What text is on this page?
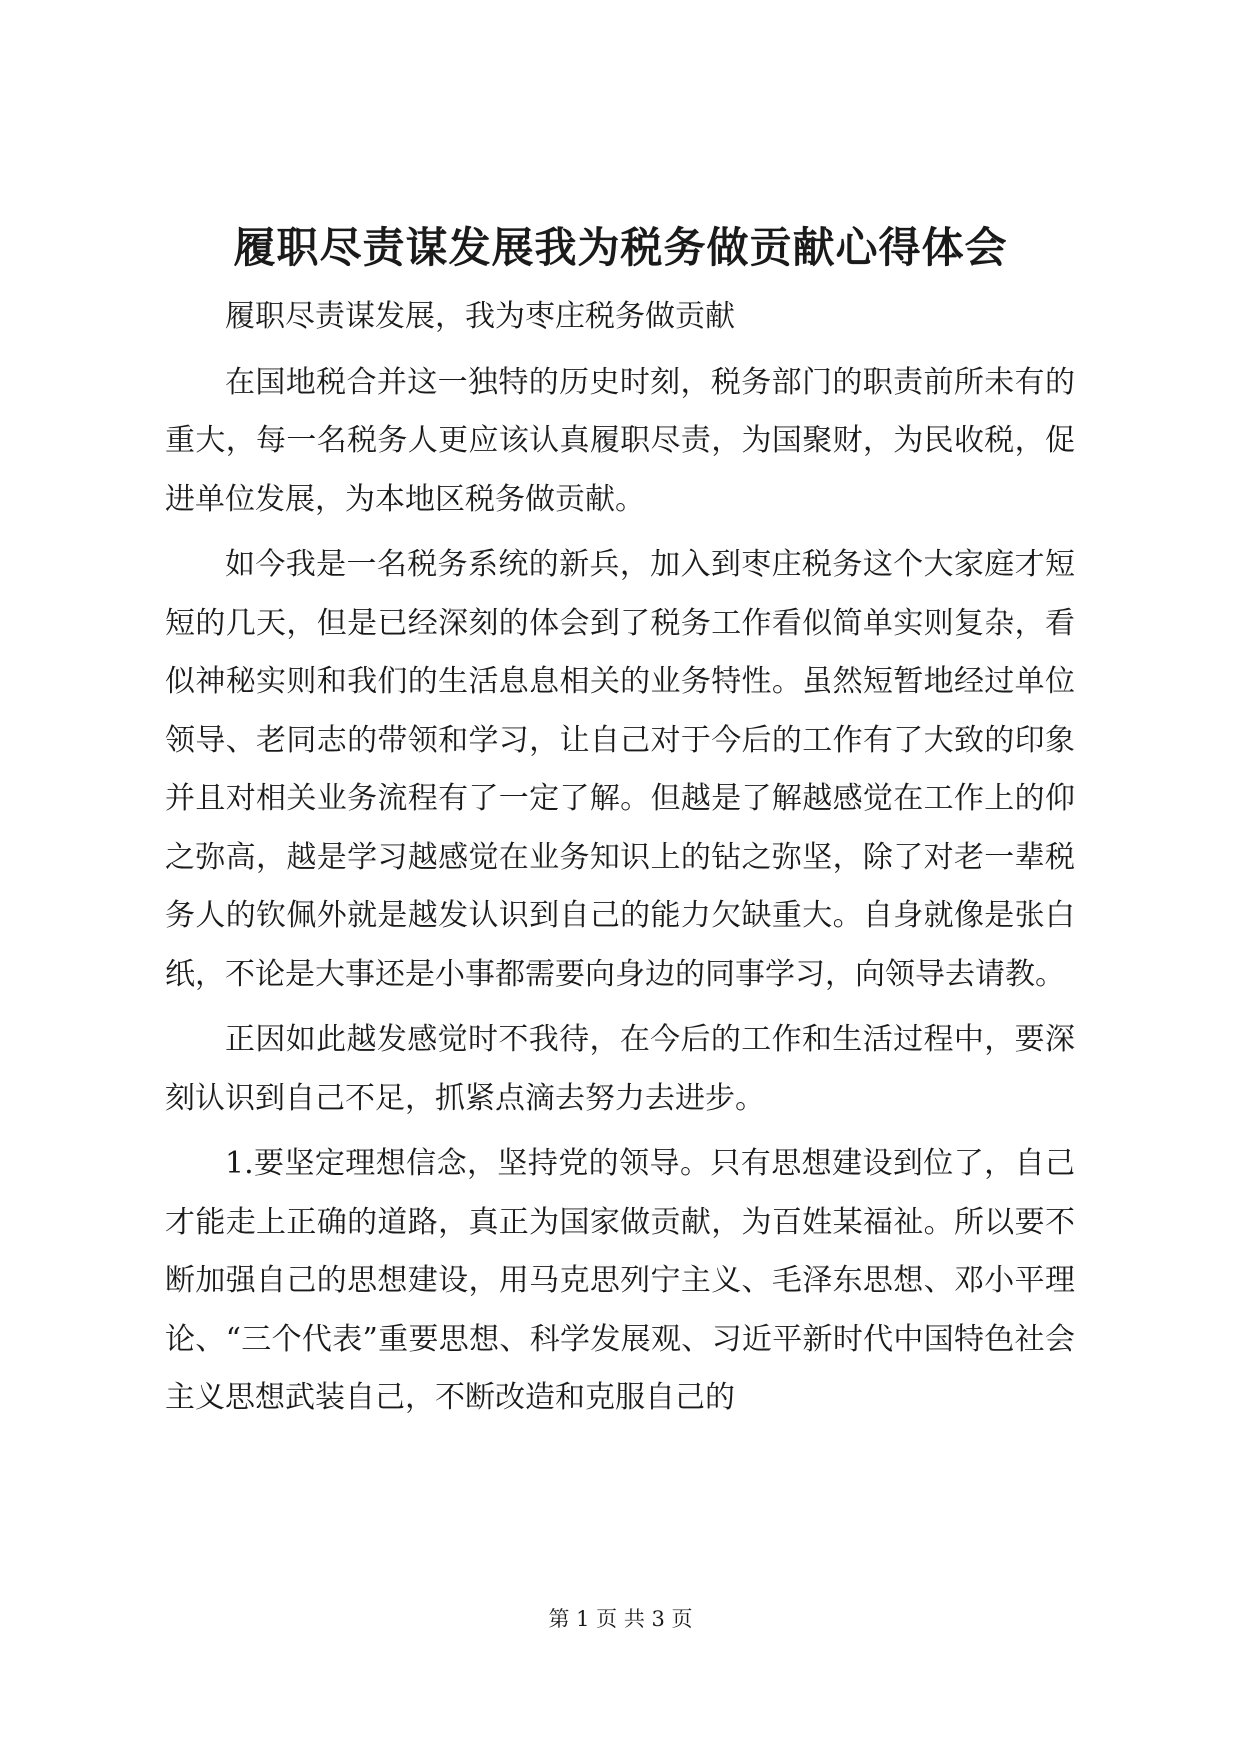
履职尽责谋发展我为税务做贡献心得体会

履职尽责谋发展，我为枣庄税务做贡献

在国地税合并这一独特的历史时刻，税务部门的职责前所未有的重大，每一名税务人更应该认真履职尽责，为国聚财，为民收税，促进单位发展，为本地区税务做贡献。

如今我是一名税务系统的新兵，加入到枣庄税务这个大家庭才短短的几天，但是已经深刻的体会到了税务工作看似简单实则复杂，看似神秘实则和我们的生活息息相关的业务特性。虽然短暂地经过单位领导、老同志的带领和学习，让自己对于今后的工作有了大致的印象并且对相关业务流程有了一定了解。但越是了解越感觉在工作上的仰之弥高，越是学习越感觉在业务知识上的钻之弥坚，除了对老一辈税务人的钦佩外就是越发认识到自己的能力欠缺重大。自身就像是张白纸，不论是大事还是小事都需要向身边的同事学习，向领导去请教。

正因如此越发感觉时不我待，在今后的工作和生活过程中，要深刻认识到自己不足，抓紧点滴去努力去进步。

1.要坚定理想信念，坚持党的领导。只有思想建设到位了，自己才能走上正确的道路，真正为国家做贡献，为百姓某福祉。所以要不断加强自己的思想建设，用马克思列宁主义、毛泽东思想、邓小平理论、“三个代表”重要思想、科学发展观、习近平新时代中国特色社会主义思想武装自己，不断改造和克服自己的

第 1 页 共 3 页
